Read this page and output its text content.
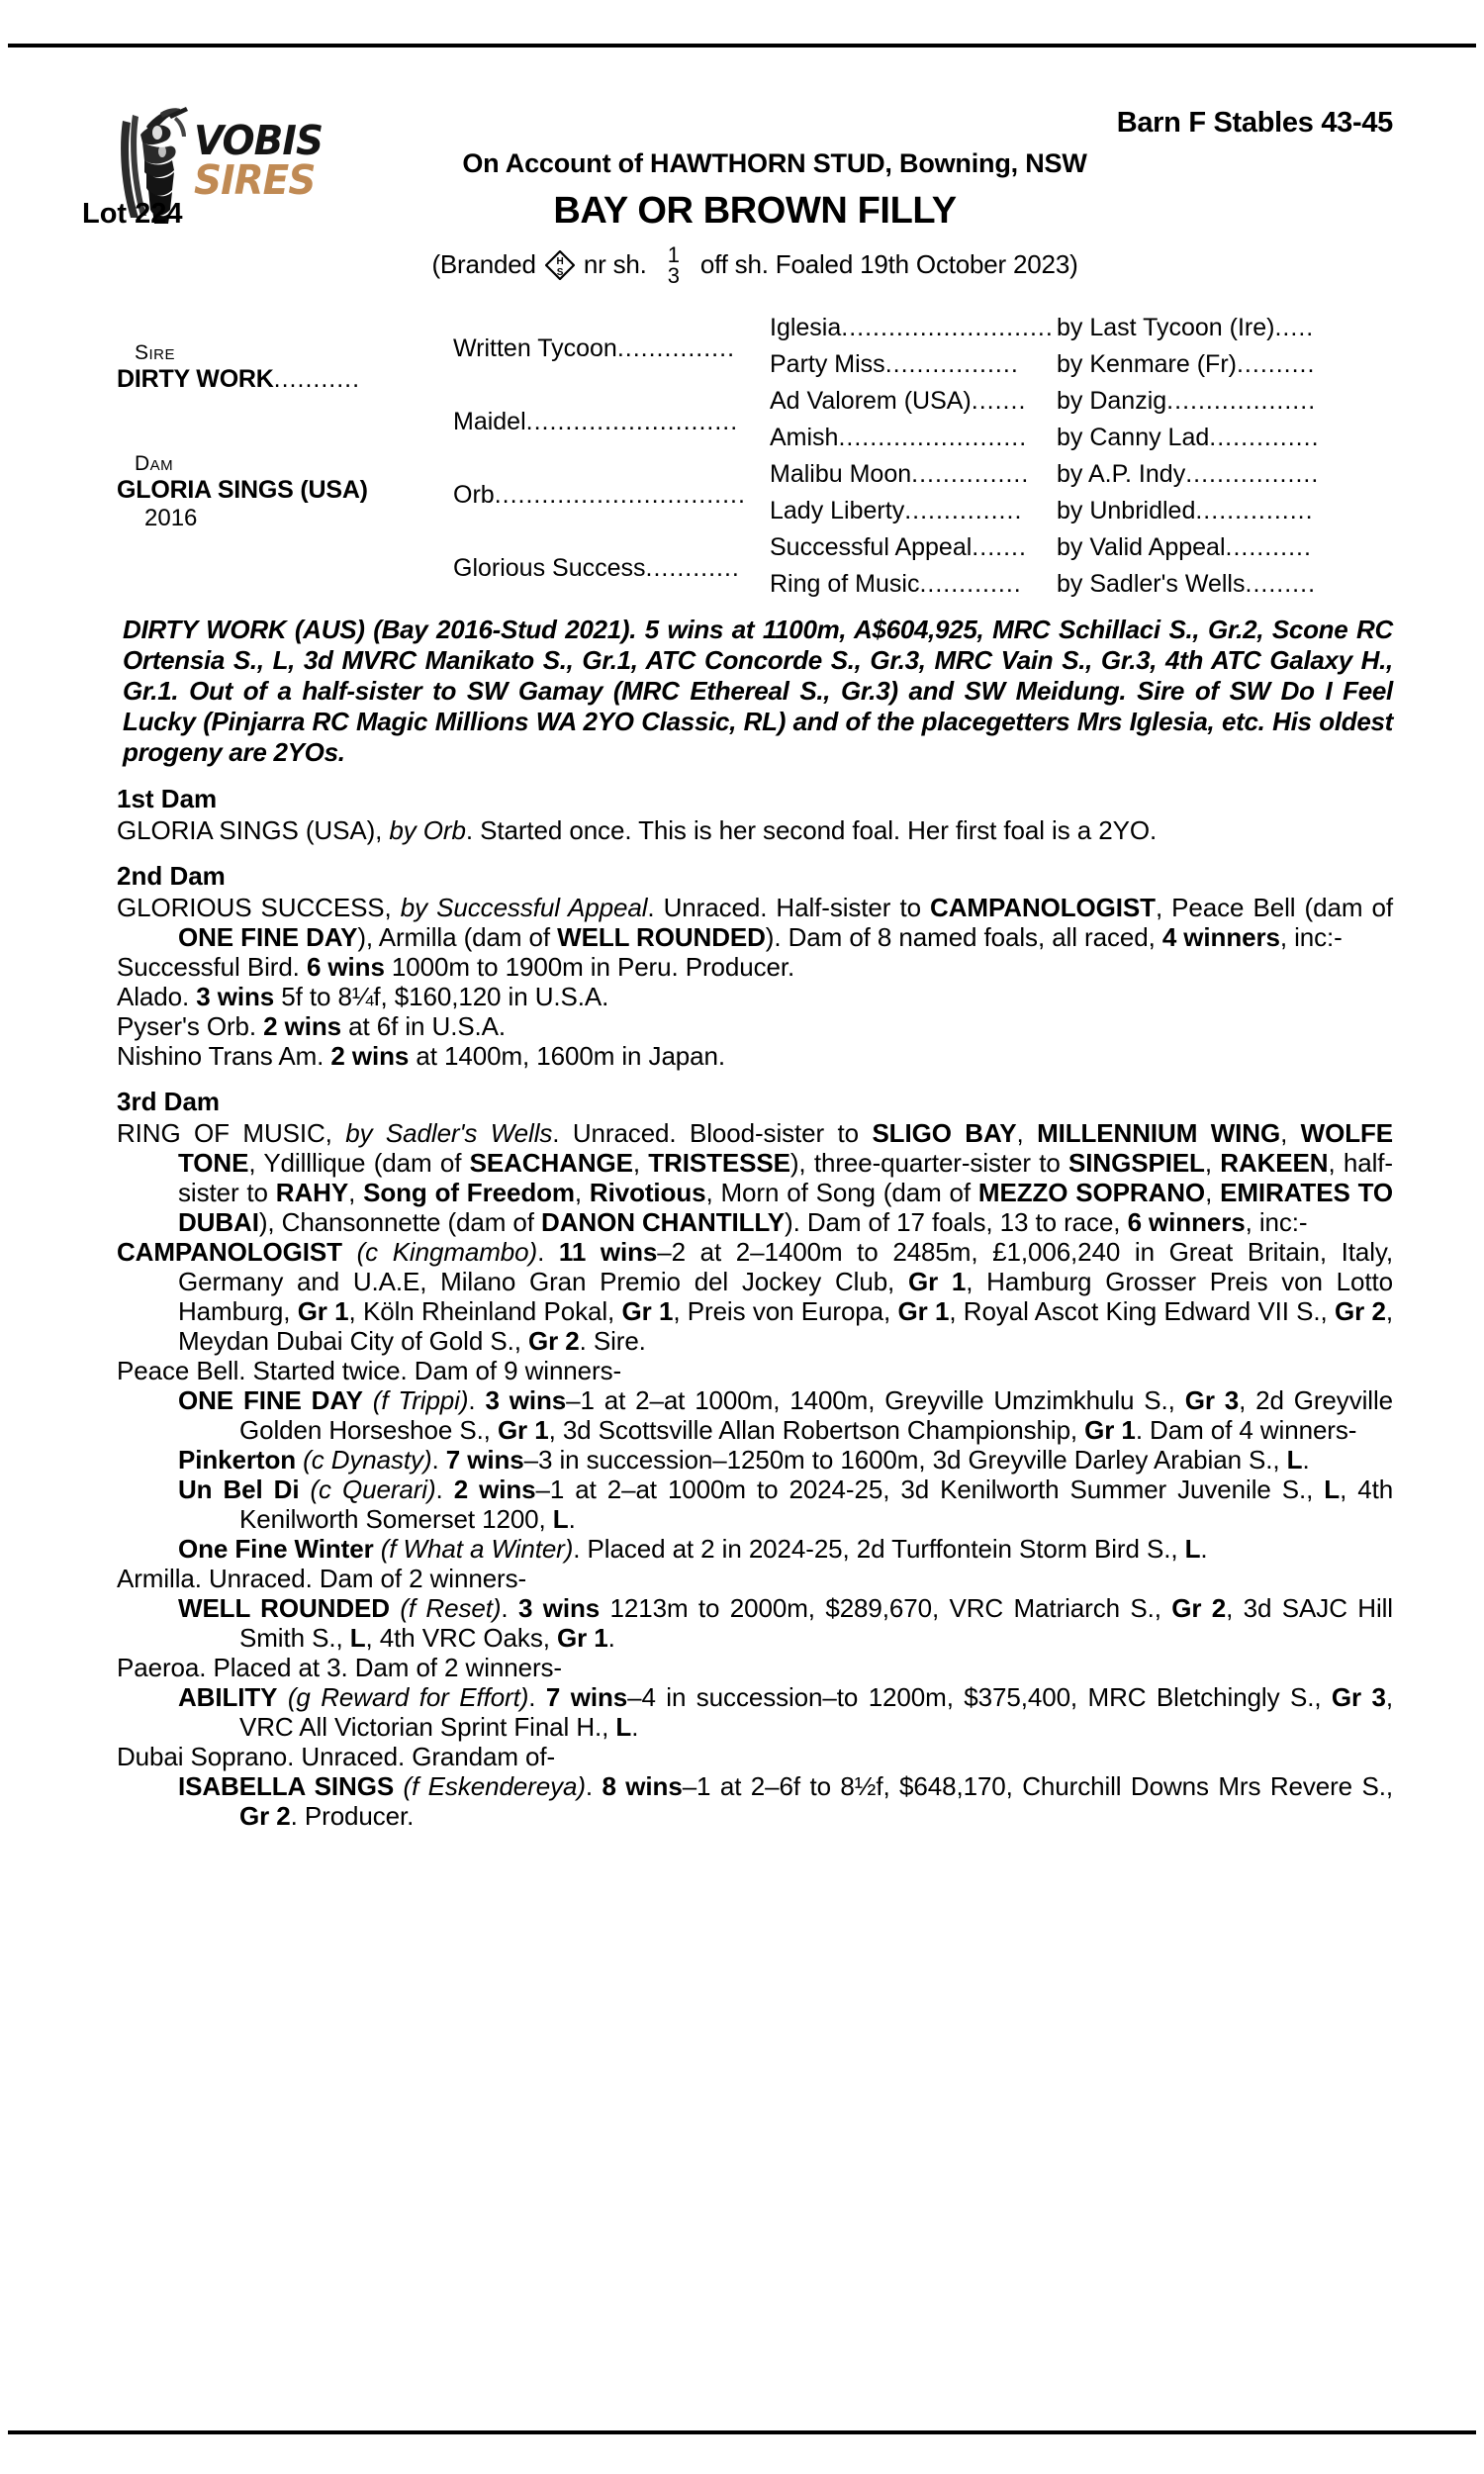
VOBIS
SIRES
Barn F Stables 43-45
On Account of HAWTHORN STUD, Bowning, NSW
Lot 224	BAY OR BROWN FILLY
(Branded H
S nr sh. 1
3 off sh. Foaled 19th October 2023)
Sire
DIRTY WORK...........
Dam
GLORIA SINGS (USA)
2016
Written Tycoon...............
Maidel...........................
Orb................................
Glorious Success............
Iglesia........................... by Last Tycoon (Ire).....
Party Miss.................	by Kenmare (Fr)..........
Ad Valorem (USA).......	by Danzig...................
Amish........................	by Canny Lad..............
Malibu Moon...............	by A.P. Indy.................
Lady Liberty...............	by Unbridled...............
Successful Appeal.......	by Valid Appeal...........
Ring of Music.............	by Sadler's Wells.........
DIRTY WORK (AUS) (Bay 2016-Stud 2021). 5 wins at 1100m, A$604,925, MRC Schillaci S., Gr.2, Scone RC Ortensia S., L, 3d MVRC Manikato S., Gr.1, ATC Concorde S., Gr.3, MRC Vain S., Gr.3, 4th ATC Galaxy H., Gr.1. Out of a half-sister to SW Gamay (MRC Ethereal S., Gr.3) and SW Meidung. Sire of SW Do I Feel Lucky (Pinjarra RC Magic Millions WA 2YO Classic, RL) and of the placegetters Mrs Iglesia, etc. His oldest progeny are 2YOs.
1st Dam
GLORIA SINGS (USA), by Orb. Started once. This is her second foal. Her first foal is a 2YO.
2nd Dam
GLORIOUS SUCCESS, by Successful Appeal. Unraced. Half-sister to CAMPANOLOGIST, Peace Bell (dam of ONE FINE DAY), Armilla (dam of WELL ROUNDED). Dam of 8 named foals, all raced, 4 winners, inc:-
Successful Bird. 6 wins 1000m to 1900m in Peru. Producer.
Alado. 3 wins 5f to 8¼f, $160,120 in U.S.A.
Pyser's Orb. 2 wins at 6f in U.S.A.
Nishino Trans Am. 2 wins at 1400m, 1600m in Japan.
3rd Dam
RING OF MUSIC, by Sadler's Wells. Unraced. Blood-sister to SLIGO BAY, MILLENNIUM WING, WOLFE TONE, Ydilllique (dam of SEACHANGE, TRISTESSE), three-quarter-sister to SINGSPIEL, RAKEEN, half-sister to RAHY, Song of Freedom, Rivotious, Morn of Song (dam of MEZZO SOPRANO, EMIRATES TO DUBAI), Chansonnette (dam of DANON CHANTILLY). Dam of 17 foals, 13 to race, 6 winners, inc:-
CAMPANOLOGIST (c Kingmambo). 11 wins–2 at 2–1400m to 2485m, £1,006,240 in Great Britain, Italy, Germany and U.A.E, Milano Gran Premio del Jockey Club, Gr 1, Hamburg Grosser Preis von Lotto Hamburg, Gr 1, Köln Rheinland Pokal, Gr 1, Preis von Europa, Gr 1, Royal Ascot King Edward VII S., Gr 2, Meydan Dubai City of Gold S., Gr 2. Sire.
Peace Bell. Started twice. Dam of 9 winners-
ONE FINE DAY (f Trippi). 3 wins–1 at 2–at 1000m, 1400m, Greyville Umzimkhulu S., Gr 3, 2d Greyville Golden Horseshoe S., Gr 1, 3d Scottsville Allan Robertson Championship, Gr 1. Dam of 4 winners-
Pinkerton (c Dynasty). 7 wins–3 in succession–1250m to 1600m, 3d Greyville Darley Arabian S., L.
Un Bel Di (c Querari). 2 wins–1 at 2–at 1000m to 2024-25, 3d Kenilworth Summer Juvenile S., L, 4th Kenilworth Somerset 1200, L.
One Fine Winter (f What a Winter). Placed at 2 in 2024-25, 2d Turffontein Storm Bird S., L.
Armilla. Unraced. Dam of 2 winners-
WELL ROUNDED (f Reset). 3 wins 1213m to 2000m, $289,670, VRC Matriarch S., Gr 2, 3d SAJC Hill Smith S., L, 4th VRC Oaks, Gr 1.
Paeroa. Placed at 3. Dam of 2 winners-
ABILITY (g Reward for Effort). 7 wins–4 in succession–to 1200m, $375,400, MRC Bletchingly S., Gr 3, VRC All Victorian Sprint Final H., L.
Dubai Soprano. Unraced. Grandam of-
ISABELLA SINGS (f Eskendereya). 8 wins–1 at 2–6f to 8½f, $648,170, Churchill Downs Mrs Revere S., Gr 2. Producer.
